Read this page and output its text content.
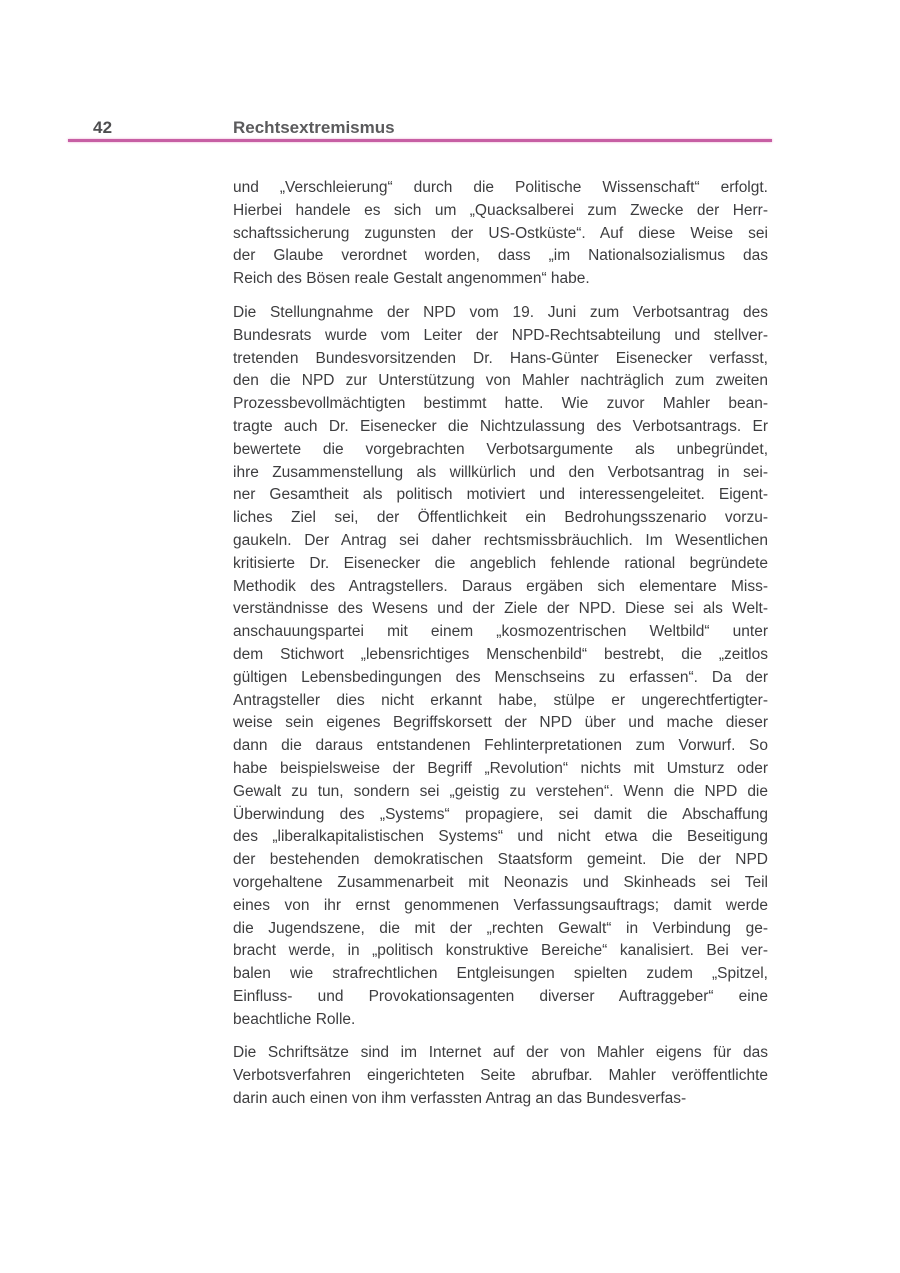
42	Rechtsextremismus
und „Verschleierung“ durch die Politische Wissenschaft“ erfolgt.
Hierbei handele es sich um „Quacksalberei zum Zwecke der Herr-
schaftssicherung zugunsten der US-Ostküste“. Auf diese Weise sei
der Glaube verordnet worden, dass „im Nationalsozialismus das
Reich des Bösen reale Gestalt angenommen“ habe.
Die Stellungnahme der NPD vom 19. Juni zum Verbotsantrag des
Bundesrats wurde vom Leiter der NPD-Rechtsabteilung und stellver-
tretenden Bundesvorsitzenden Dr. Hans-Günter Eisenecker verfasst,
den die NPD zur Unterstützung von Mahler nachträglich zum zweiten
Prozessbevollmächtigten bestimmt hatte. Wie zuvor Mahler bean-
tragte auch Dr. Eisenecker die Nichtzulassung des Verbotsantrags. Er
bewertete die vorgebrachten Verbotsargumente als unbegründet,
ihre Zusammenstellung als willkürlich und den Verbotsantrag in sei-
ner Gesamtheit als politisch motiviert und interessengeleitet. Eigent-
liches Ziel sei, der Öffentlichkeit ein Bedrohungsszenario vorzu-
gaukeln. Der Antrag sei daher rechtsmissbräuchlich. Im Wesentlichen
kritisierte Dr. Eisenecker die angeblich fehlende rational begründete
Methodik des Antragstellers. Daraus ergäben sich elementare Miss-
verständnisse des Wesens und der Ziele der NPD. Diese sei als Welt-
anschauungspartei mit einem „kosmozentrischen Weltbild“ unter
dem Stichwort „lebensrichtiges Menschenbild“ bestrebt, die „zeitlos
gültigen Lebensbedingungen des Menschseins zu erfassen“. Da der
Antragsteller dies nicht erkannt habe, stülpe er ungerechtfertigter-
weise sein eigenes Begriffskorsett der NPD über und mache dieser
dann die daraus entstandenen Fehlinterpretationen zum Vorwurf. So
habe beispielsweise der Begriff „Revolution“ nichts mit Umsturz oder
Gewalt zu tun, sondern sei „geistig zu verstehen“. Wenn die NPD die
Überwindung des „Systems“ propagiere, sei damit die Abschaffung
des „liberalkapitalistischen Systems“ und nicht etwa die Beseitigung
der bestehenden demokratischen Staatsform gemeint. Die der NPD
vorgehaltene Zusammenarbeit mit Neonazis und Skinheads sei Teil
eines von ihr ernst genommenen Verfassungsauftrags; damit werde
die Jugendszene, die mit der „rechten Gewalt“ in Verbindung ge-
bracht werde, in „politisch konstruktive Bereiche“ kanalisiert. Bei ver-
balen wie strafrechtlichen Entgleisungen spielten zudem „Spitzel,
Einfluss- und Provokationsagenten diverser Auftraggeber“ eine
beachtliche Rolle.
Die Schriftsätze sind im Internet auf der von Mahler eigens für das
Verbotsverfahren eingerichteten Seite abrufbar. Mahler veröffentlichte
darin auch einen von ihm verfassten Antrag an das Bundesverfas-
